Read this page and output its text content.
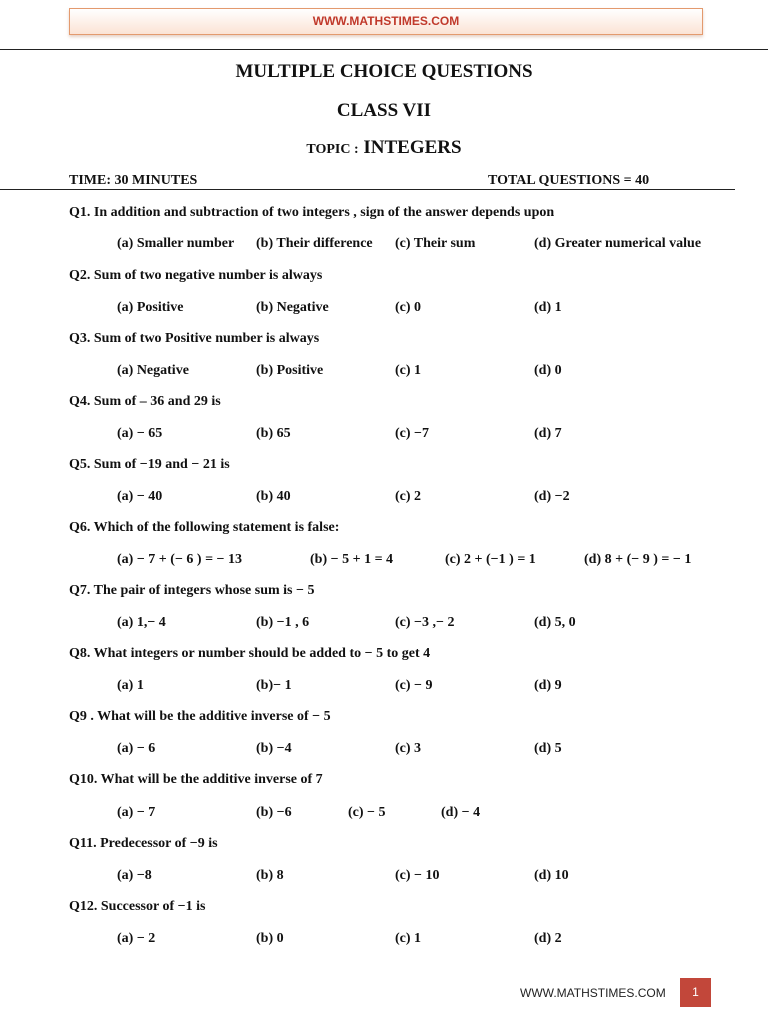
WWW.MATHSTIMES.COM
MULTIPLE CHOICE QUESTIONS
CLASS VII
TOPIC : INTEGERS
TIME: 30 MINUTES	TOTAL QUESTIONS = 40
Q1. In addition and subtraction of two integers , sign of the answer depends upon
(a) Smaller number (b) Their difference (c) Their sum	(d) Greater numerical value
Q2. Sum of two negative number is always
(a) Positive	(b) Negative	(c) 0	(d) 1
Q3. Sum of two Positive number is always
(a) Negative	(b) Positive	(c) 1	(d) 0
Q4. Sum of – 36 and 29 is
(a) − 65	(b) 65	(c) −7	(d) 7
Q5. Sum of −19 and − 21 is
(a) − 40	(b) 40	(c) 2	(d) −2
Q6. Which of the following statement is false:
(a) − 7 + (− 6 ) = − 13	(b) − 5 + 1 = 4	(c) 2 + (−1 ) = 1	(d) 8 + (− 9 ) = − 1
Q7. The pair of integers whose sum is − 5
(a) 1,− 4	(b) −1 , 6	(c) −3 ,− 2	(d) 5, 0
Q8. What integers or number should be added to − 5 to get 4
(a) 1	(b)− 1	(c) − 9	(d) 9
Q9 . What will be the additive inverse of − 5
(a) − 6	(b) −4	(c) 3	(d) 5
Q10. What will be the additive inverse of 7
(a) − 7	(b) −6	(c) − 5	(d) − 4
Q11. Predecessor of −9 is
(a) −8	(b) 8	(c) − 10	(d) 10
Q12. Successor of −1 is
(a) − 2	(b) 0	(c) 1	(d) 2
WWW.MATHSTIMES.COM	1
